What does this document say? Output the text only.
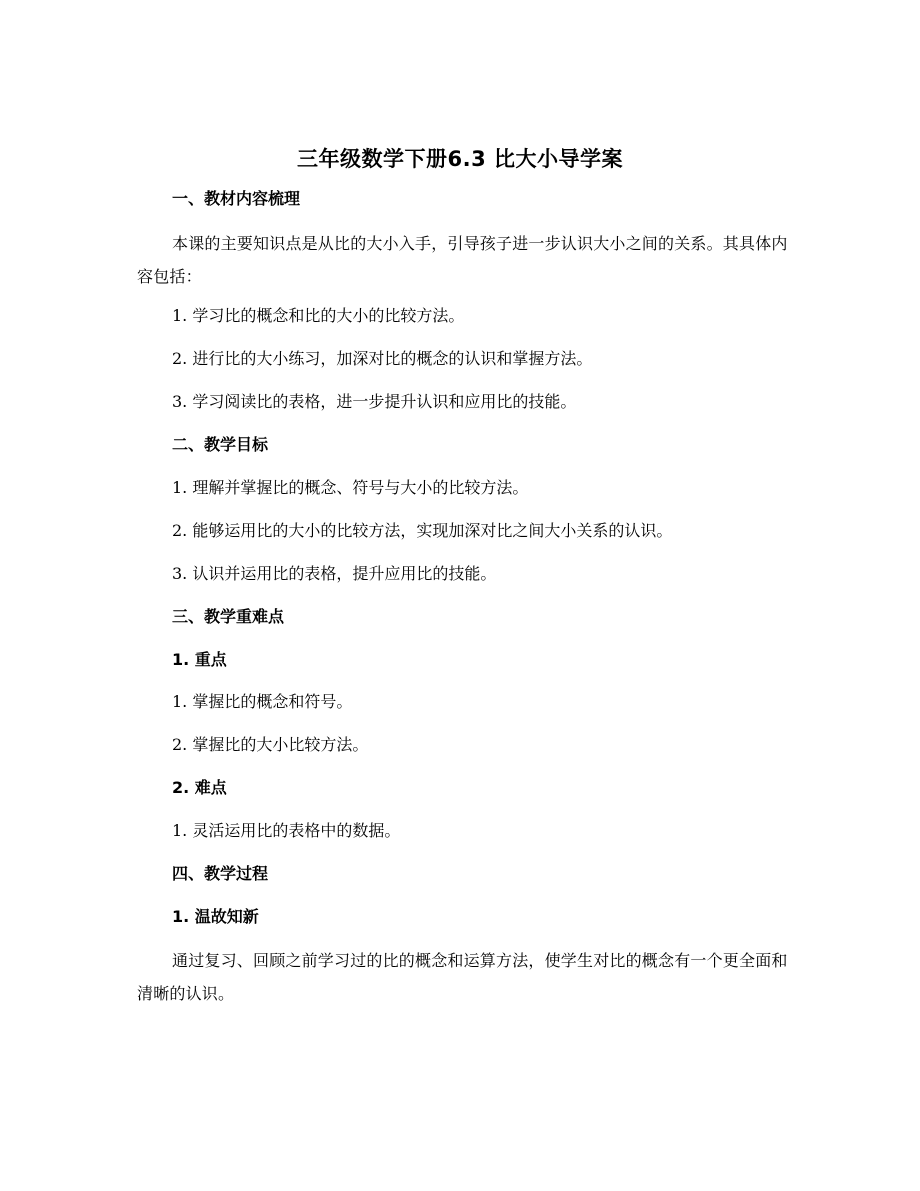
三年级数学下册6.3 比大小导学案
一、教材内容梳理
本课的主要知识点是从比的大小入手，引导孩子进一步认识大小之间的关系。其具体内容包括：
1. 学习比的概念和比的大小的比较方法。
2. 进行比的大小练习，加深对比的概念的认识和掌握方法。
3. 学习阅读比的表格，进一步提升认识和应用比的技能。
二、教学目标
1. 理解并掌握比的概念、符号与大小的比较方法。
2. 能够运用比的大小的比较方法，实现加深对比之间大小关系的认识。
3. 认识并运用比的表格，提升应用比的技能。
三、教学重难点
1. 重点
1. 掌握比的概念和符号。
2. 掌握比的大小比较方法。
2. 难点
1. 灵活运用比的表格中的数据。
四、教学过程
1. 温故知新
通过复习、回顾之前学习过的比的概念和运算方法，使学生对比的概念有一个更全面和清晰的认识。
